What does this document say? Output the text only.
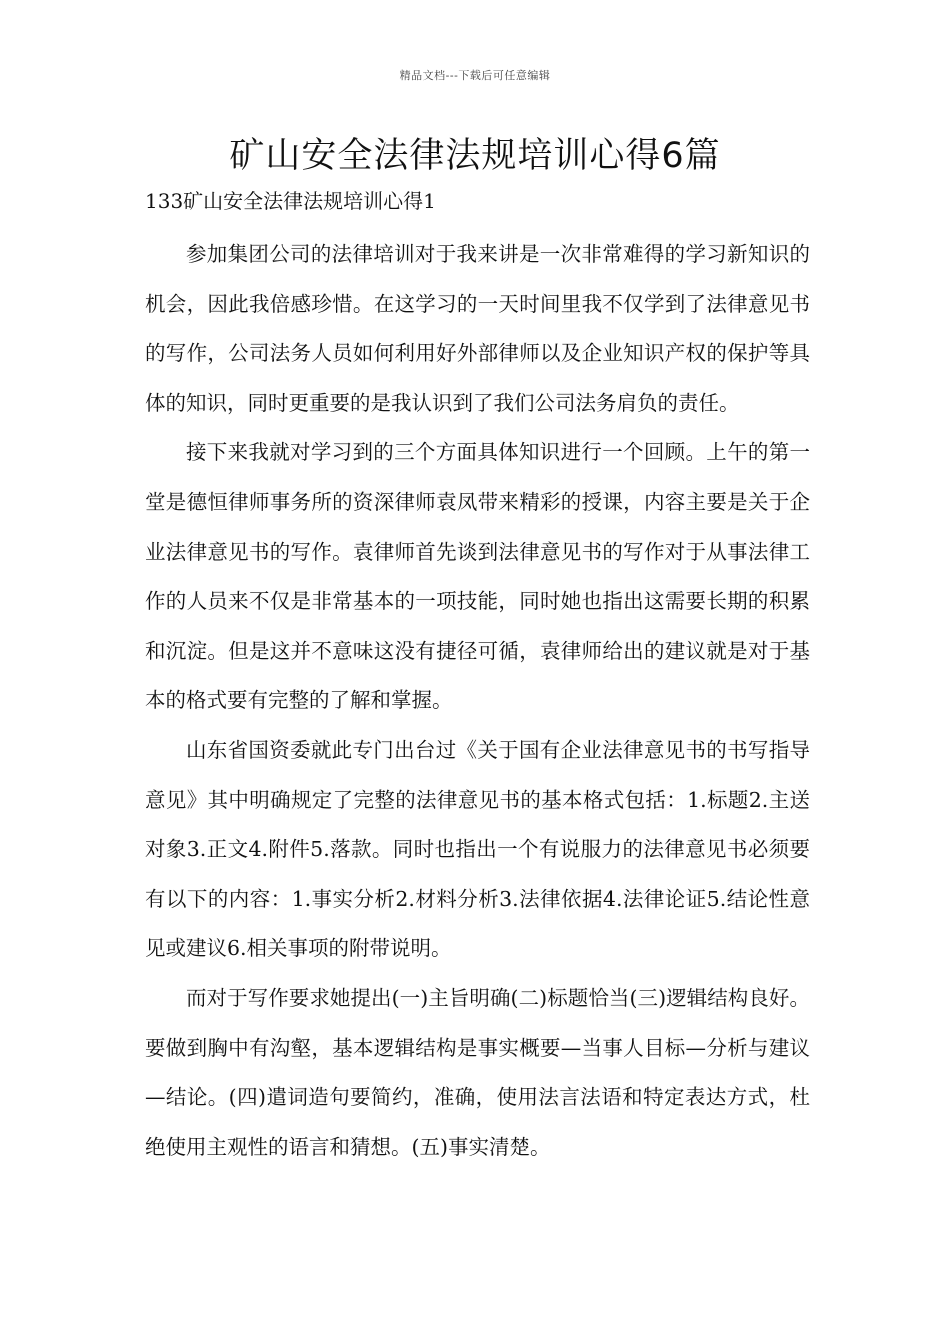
精品文档---下载后可任意编辑
矿山安全法律法规培训心得6篇
133矿山安全法律法规培训心得1

参加集团公司的法律培训对于我来讲是一次非常难得的学习新知识的机会，因此我倍感珍惜。在这学习的一天时间里我不仅学到了法律意见书的写作，公司法务人员如何利用好外部律师以及企业知识产权的保护等具体的知识，同时更重要的是我认识到了我们公司法务肩负的责任。

接下来我就对学习到的三个方面具体知识进行一个回顾。上午的第一堂是德恒律师事务所的资深律师袁凤带来精彩的授课，内容主要是关于企业法律意见书的写作。袁律师首先谈到法律意见书的写作对于从事法律工作的人员来不仅是非常基本的一项技能，同时她也指出这需要长期的积累和沉淀。但是这并不意味这没有捷径可循，袁律师给出的建议就是对于基本的格式要有完整的了解和掌握。

山东省国资委就此专门出台过《关于国有企业法律意见书的书写指导意见》其中明确规定了完整的法律意见书的基本格式包括：1.标题2.主送对象3.正文4.附件5.落款。同时也指出一个有说服力的法律意见书必须要有以下的内容：1.事实分析2.材料分析3.法律依据4.法律论证5.结论性意见或建议6.相关事项的附带说明。

而对于写作要求她提出(一)主旨明确(二)标题恰当(三)逻辑结构良好。要做到胸中有沟壑，基本逻辑结构是事实概要—当事人目标—分析与建议—结论。(四)遣词造句要简约，准确，使用法言法语和特定表达方式，杜绝使用主观性的语言和猜想。(五)事实清楚。
